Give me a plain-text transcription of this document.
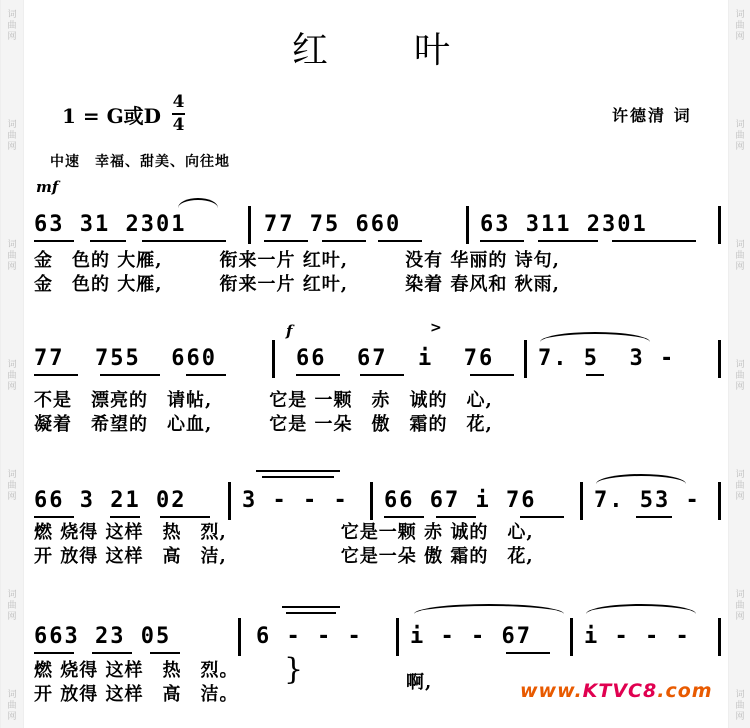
词
曲
网
词
曲
网
词
曲
网
词
曲
网
词
曲
网
词
曲
网
词
曲
网
词
曲
网
词
曲
网
词
曲
网
词
曲
网
词
曲
网
词
曲
网
词
曲
网
红叶
1 = G或D
4
4	许德清 词
中速　幸福、甜美、向往地
mf
63 31 2301	77 75 660	63 311 2301
金　色的 大雁,　　　衔来一片 红叶,　　　没有 华丽的 诗句,
金　色的 大雁,　　　衔来一片 红叶,　　　染着 春风和 秋雨,
f	>
77  755  660	66  67  i  76 7. 5  3 -
不是　漂亮的　请帖,　　　它是 一颗　赤　诚的　心,
凝着　希望的　心血,　　　它是 一朵　傲　霜的　花,
66 3 21 02	3 - - - 66 67 i 76	7. 53 -
燃 烧得 这样　热　烈,　　　　　　它是一颗 赤 诚的　心,
开 放得 这样　高　洁,　　　　　　它是一朵 傲 霜的　花,
663 23 05	6 - - - i - - 67 i - - -
燃 烧得 这样　热　烈。
开 放得 这样　高　洁。
}	啊,	www.KTVC8.com
